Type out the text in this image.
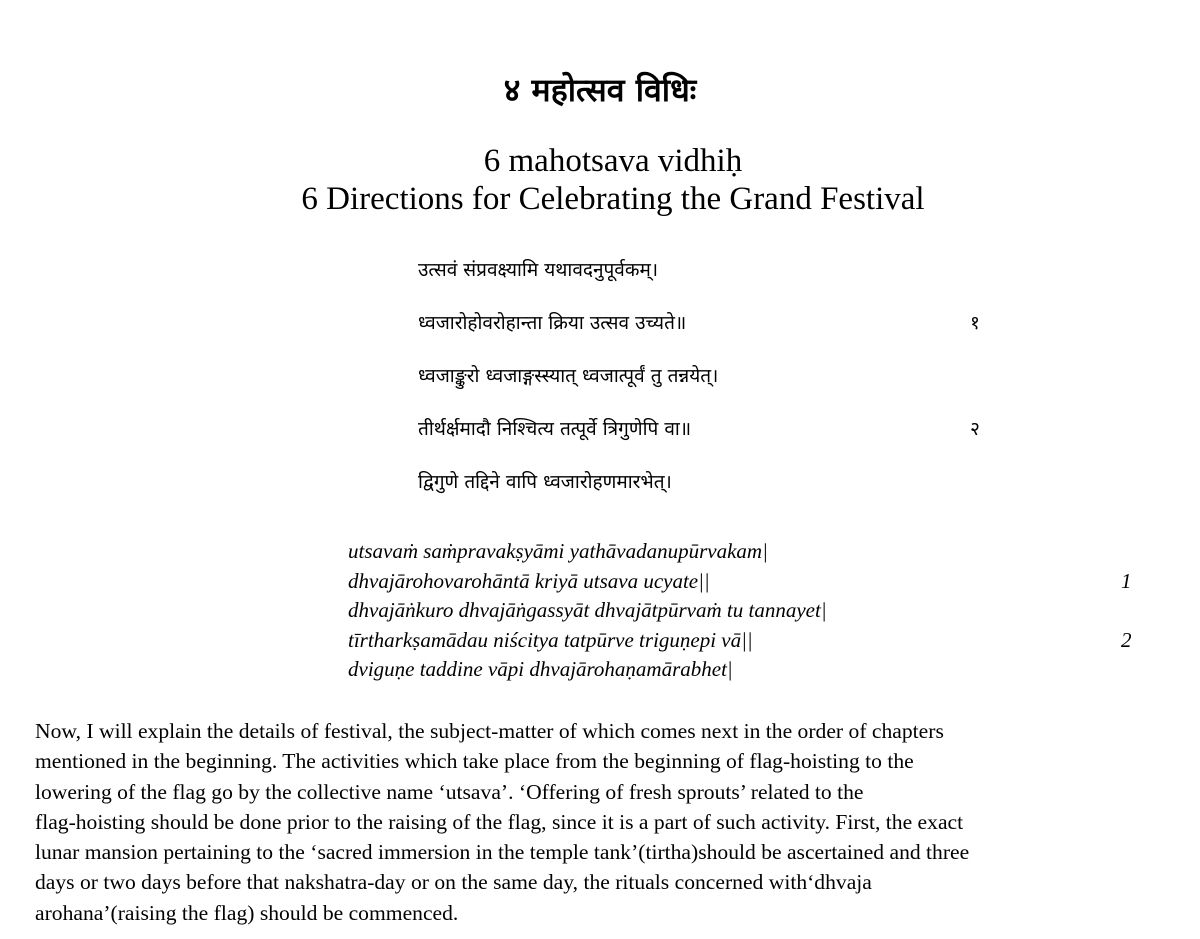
४ महोत्सव विधिः
6 mahotsava vidhiḥ
6 Directions for Celebrating the Grand Festival
उत्सवं संप्रवक्ष्यामि यथावदनुपूर्वकम्।
ध्वजारोहोवरोहान्ता क्रिया उत्सव उच्यते॥	१
ध्वजाङ्कुरो ध्वजाङ्गस्स्यात् ध्वजात्पूर्वं तु तन्नयेत्।
तीर्थर्क्षमादौ निश्चित्य तत्पूर्वे त्रिगुणेपि वा॥	२
द्विगुणे तद्दिने वापि ध्वजारोहणमारभेत्।
utsavaṁ saṁpravakṣyāmi yathāvadanupūrvakam|
dhvajārohovarohāntā kriyā utsava ucyate||	1
dhvajāṅkuro dhvajāṅgassyāt dhvajātpūrvaṁ tu tannayet|
tīrtharkṣamādau niścitya tatpūrve triguṇepi vā||	2
dviguṇe taddine vāpi dhvajārohaṇamārabhet|
Now, I will explain the details of festival, the subject-matter of which comes next in the order of chapters
mentioned in the beginning. The activities which take place from the beginning of flag-hoisting to the
lowering of the flag go by the collective name ‘utsava’. ‘Offering of fresh sprouts’ related to the
flag-hoisting should be done prior to the raising of the flag, since it is a part of such activity. First, the exact
lunar mansion pertaining to the ‘sacred immersion in the temple tank’(tirtha)should be ascertained and three
days or two days before that nakshatra-day or on the same day, the rituals concerned with‘dhvaja
arohana’(raising the flag) should be commenced.
